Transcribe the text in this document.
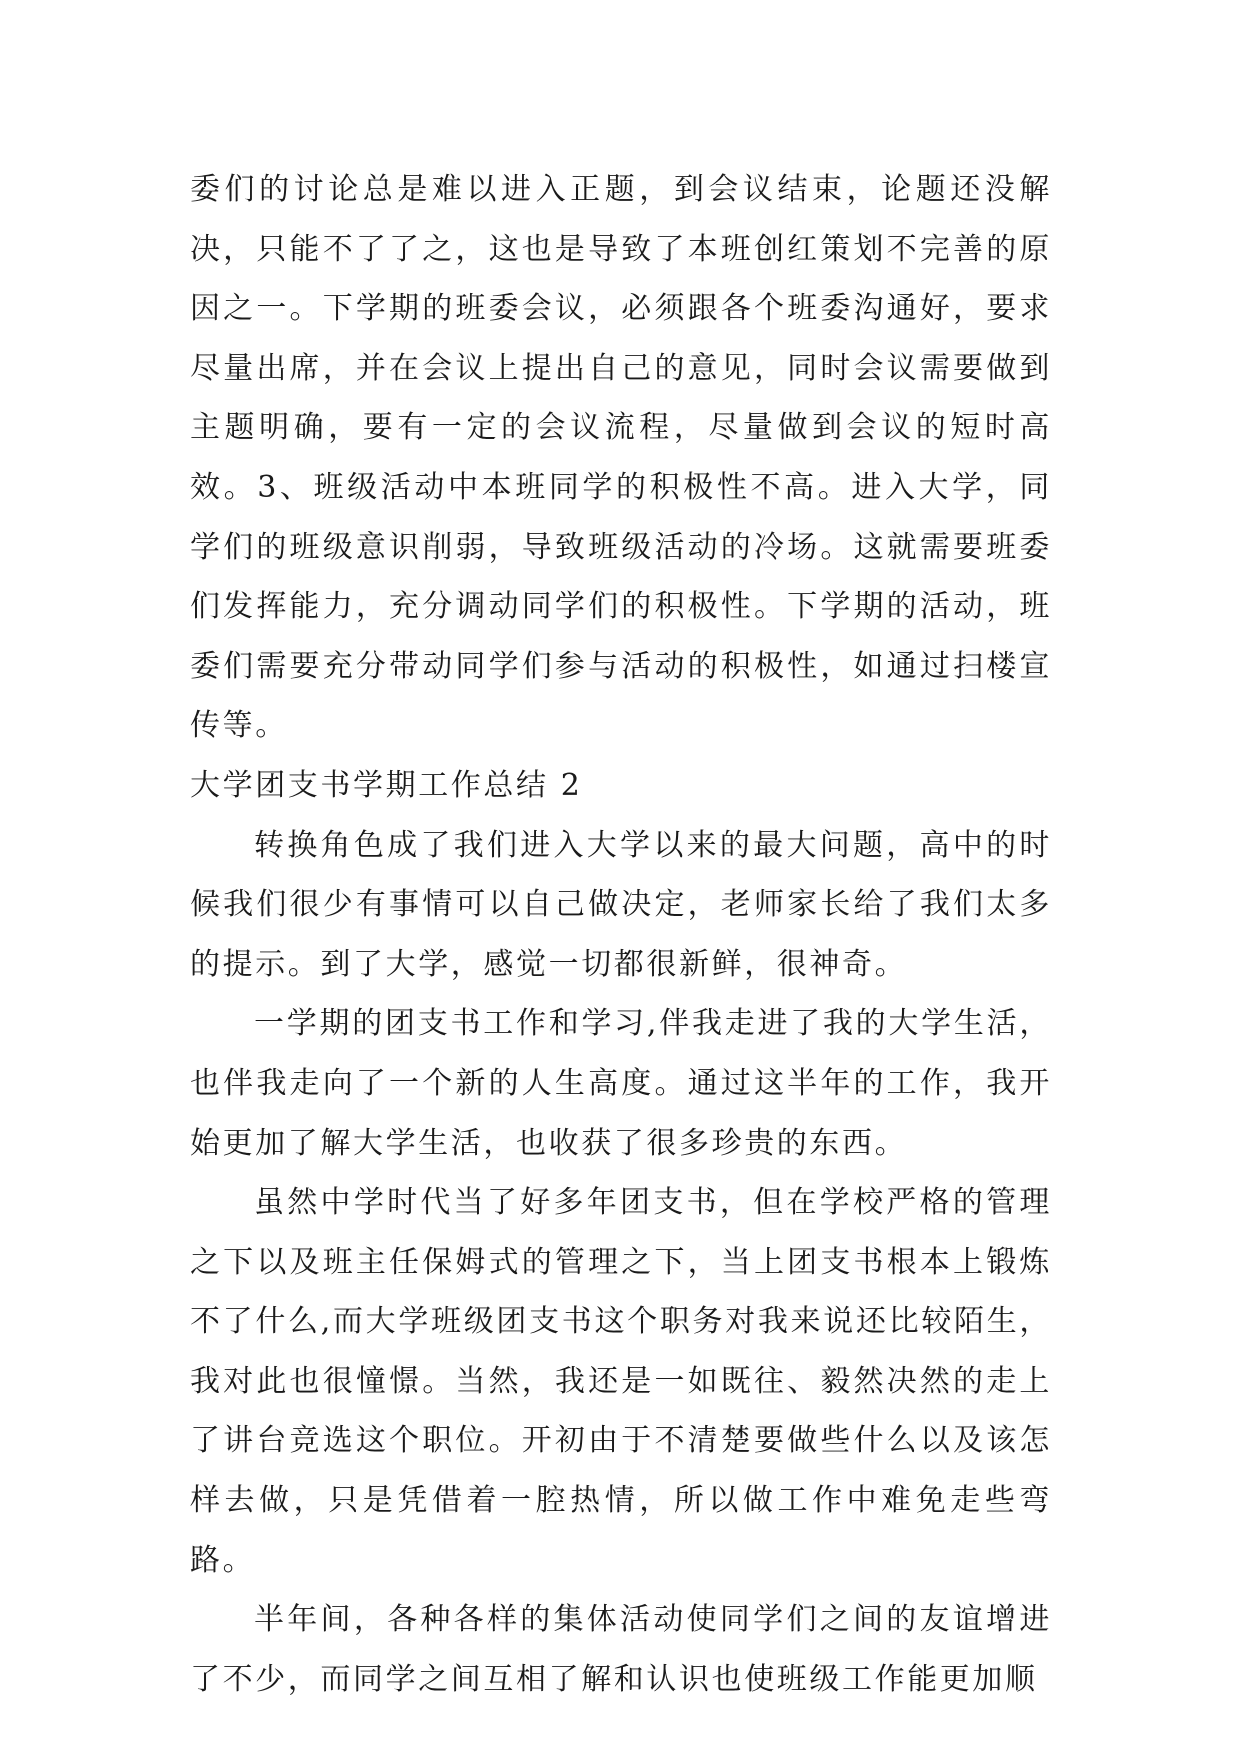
委们的讨论总是难以进入正题，到会议结束，论题还没解决，只能不了了之，这也是导致了本班创红策划不完善的原因之一。下学期的班委会议，必须跟各个班委沟通好，要求尽量出席，并在会议上提出自己的意见，同时会议需要做到主题明确，要有一定的会议流程，尽量做到会议的短时高效。3、班级活动中本班同学的积极性不高。进入大学，同学们的班级意识削弱，导致班级活动的冷场。这就需要班委们发挥能力，充分调动同学们的积极性。下学期的活动，班委们需要充分带动同学们参与活动的积极性，如通过扫楼宣传等。

大学团支书学期工作总结 2

转换角色成了我们进入大学以来的最大问题，高中的时候我们很少有事情可以自己做决定，老师家长给了我们太多的提示。到了大学，感觉一切都很新鲜，很神奇。

一学期的团支书工作和学习,伴我走进了我的大学生活，也伴我走向了一个新的人生高度。通过这半年的工作，我开始更加了解大学生活，也收获了很多珍贵的东西。

虽然中学时代当了好多年团支书，但在学校严格的管理之下以及班主任保姆式的管理之下，当上团支书根本上锻炼不了什么,而大学班级团支书这个职务对我来说还比较陌生，我对此也很憧憬。当然，我还是一如既往、毅然决然的走上了讲台竞选这个职位。开初由于不清楚要做些什么以及该怎样去做，只是凭借着一腔热情，所以做工作中难免走些弯路。

半年间，各种各样的集体活动使同学们之间的友谊增进了不少，而同学之间互相了解和认识也使班级工作能更加顺
